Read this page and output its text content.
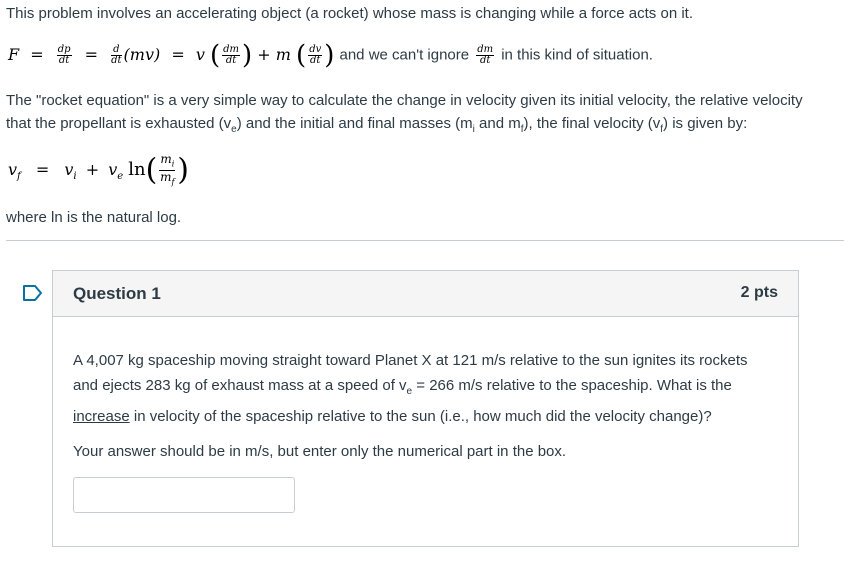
This problem involves an accelerating object (a rocket) whose mass is changing while a force acts on it.
$F = \frac{dp}{dt} = \frac{d}{dt} (mv) = v$ ( $\frac{dm}{dt}$ ) + m ( $\frac{dv}{dt}$ ) and we can't ignore $\frac{dm}{dt}$ in this kind of situation.
The "rocket equation" is a very simple way to calculate the change in velocity given its initial velocity, the relative velocity
that the propellant is exhausted $(v_e)$ and the initial and final masses ($m_i$ and $m_f$), the final velocity $(v_f)$ is given by:
$v_f = v_i + v_e$ $\ln( \frac{m_i}{m_f}$ )
where ln is the natural log.
Question 1	2 pts

A 4,007 kg spaceship moving straight toward Planet X at 121 m/s relative to the sun ignites its rockets
and ejects 283 kg of exhaust mass at a speed of $v_e = 266$ m/s relative to the spaceship. What is the
increase in velocity of the spaceship relative to the sun (i.e., how much did the velocity change)?

Your answer should be in m/s, but enter only the numerical part in the box.
